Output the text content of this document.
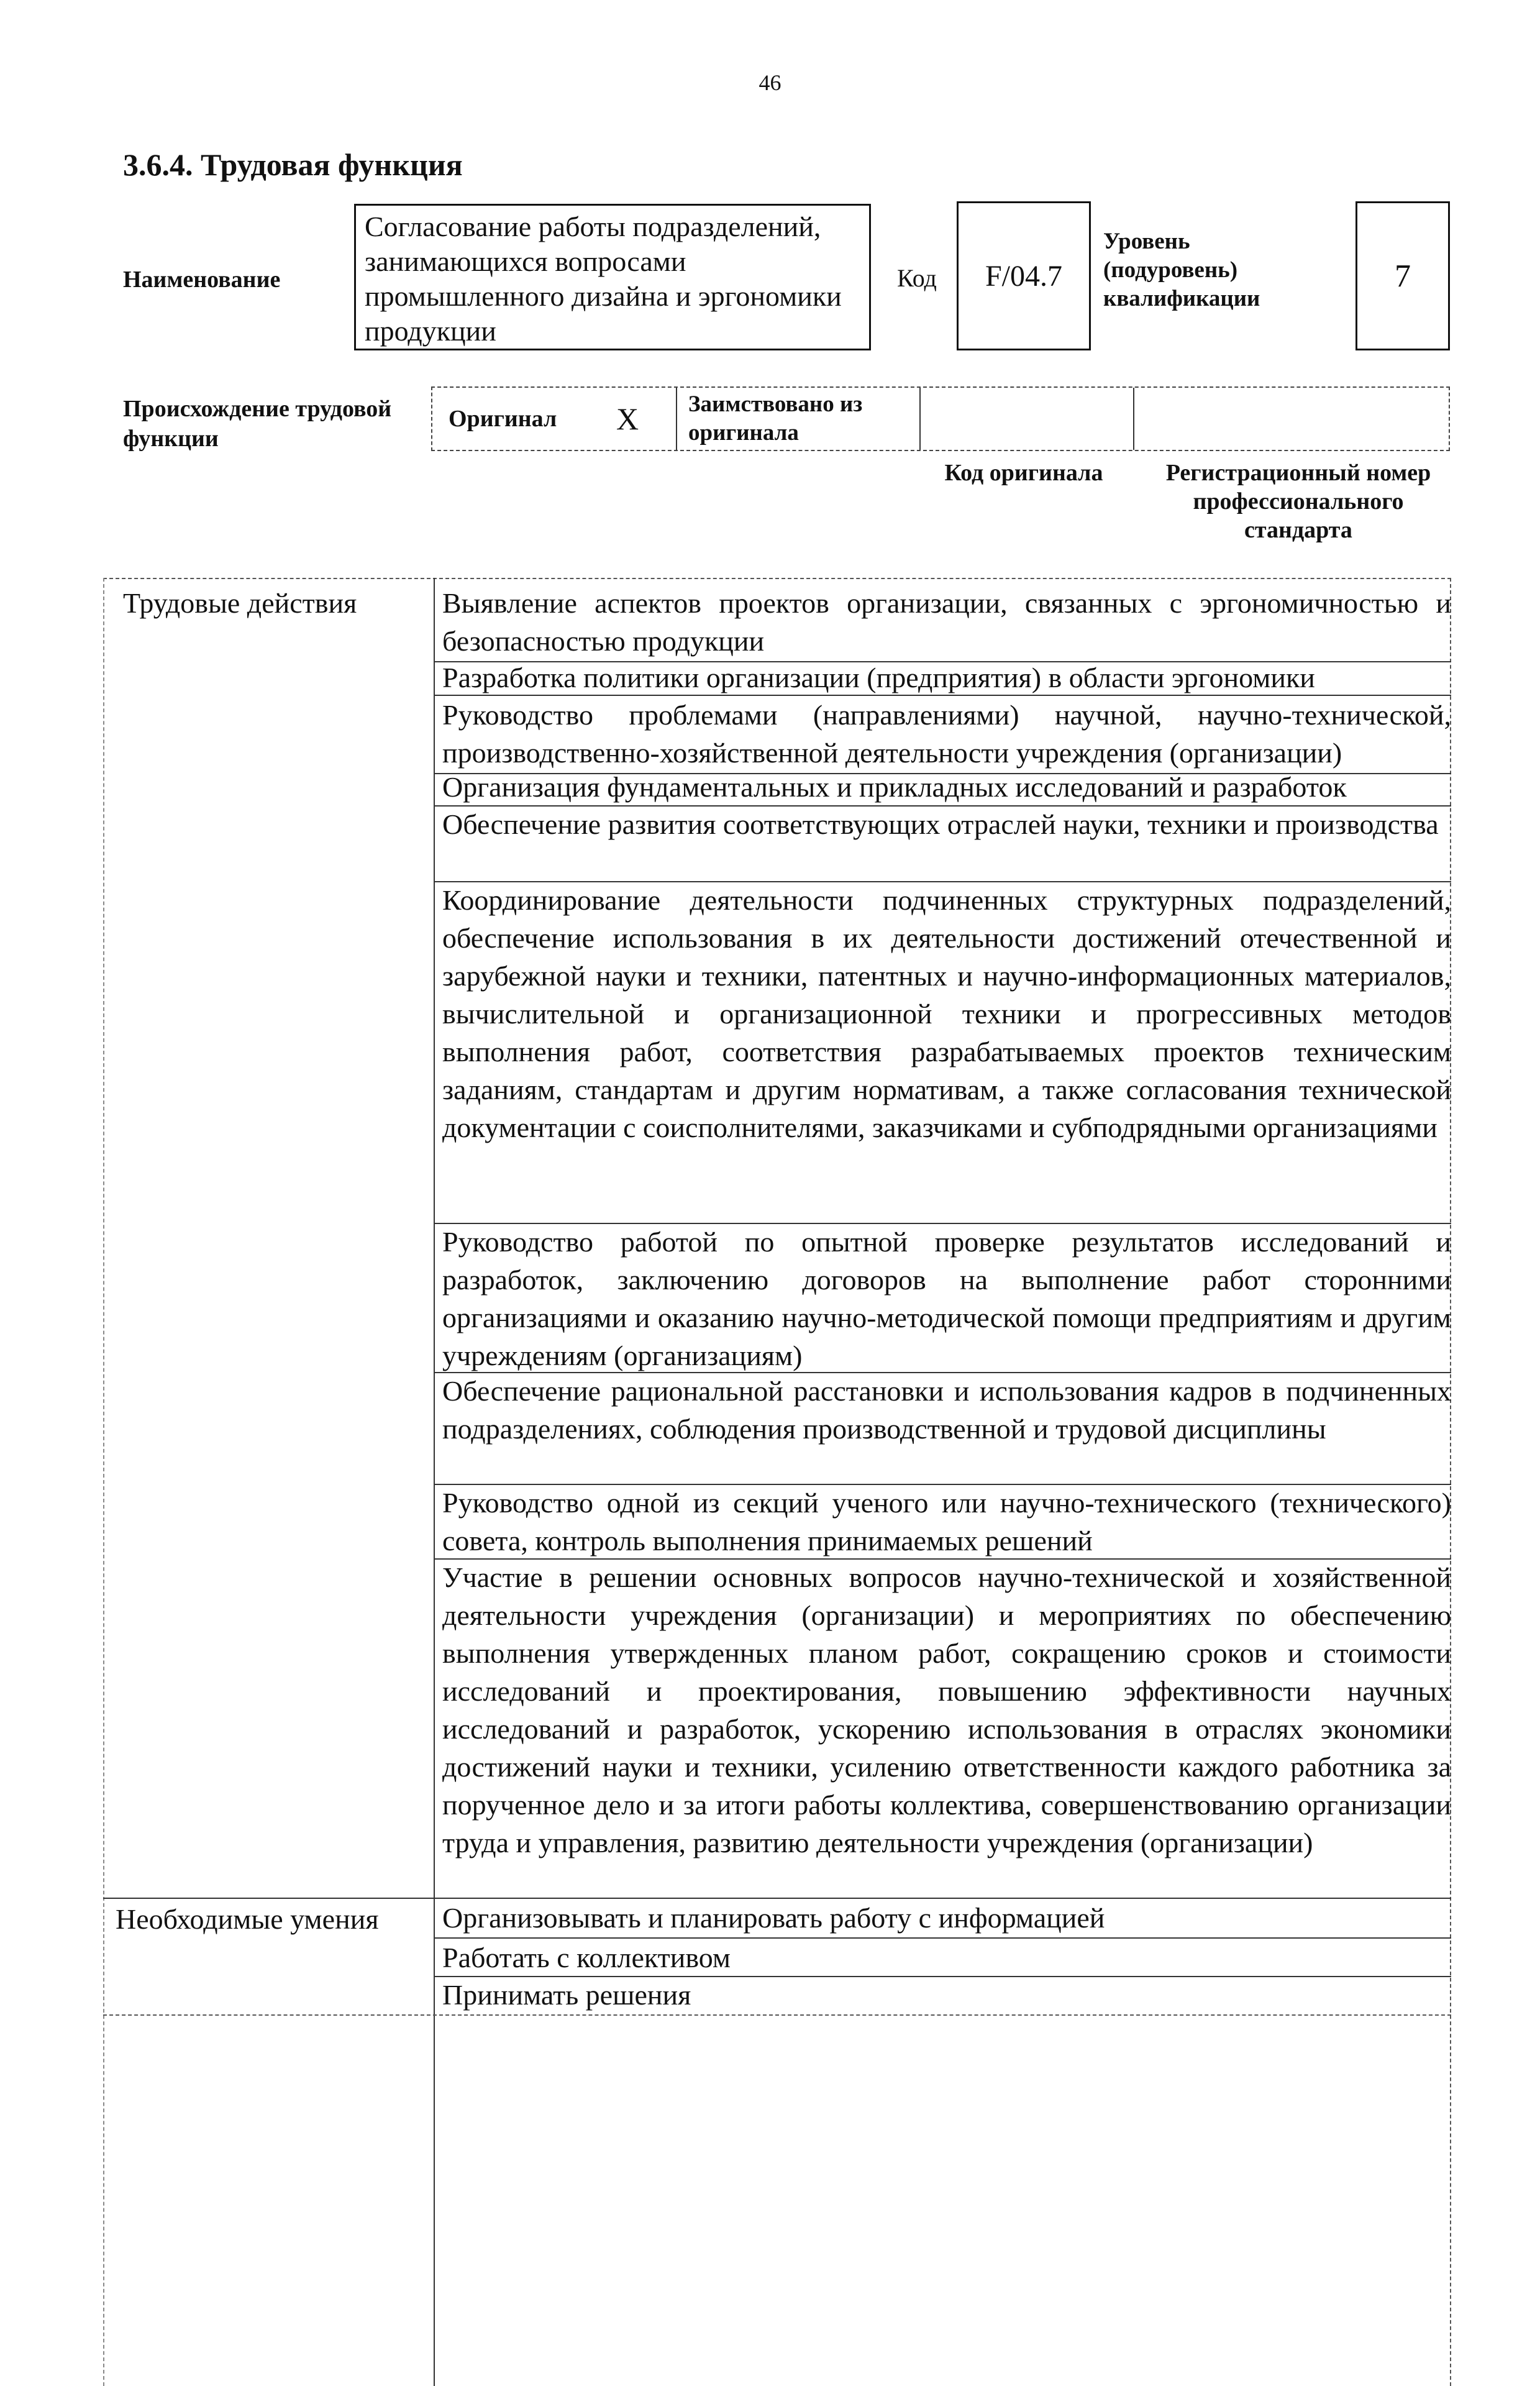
46
3.6.4. Трудовая функция
Наименование
Согласование работы подразделений, занимающихся вопросами промышленного дизайна и эргономики продукции
Код	F/04.7
Уровень (подуровень) квалификации
7
Происхождение трудовой функции
Оригинал	X	Заимствовано из оригинала
Код оригинала	Регистрационный номер профессионального стандарта
Трудовые действия	Выявление аспектов проектов организации, связанных с эргономичностью и безопасностью продукции
Разработка политики организации (предприятия) в области эргономики
Руководство проблемами (направлениями) научной, научно-технической, производственно-хозяйственной деятельности учреждения (организации)
Организация фундаментальных и прикладных исследований и разработок
Обеспечение развития соответствующих отраслей науки, техники и производства
Координирование деятельности подчиненных структурных подразделений, обеспечение использования в их деятельности достижений отечественной и зарубежной науки и техники, патентных и научно-информационных материалов, вычислительной и организационной техники и прогрессивных методов выполнения работ, соответствия разрабатываемых проектов техническим заданиям, стандартам и другим нормативам, а также согласования технической документации с соисполнителями, заказчиками и субподрядными организациями
Руководство работой по опытной проверке результатов исследований и разработок, заключению договоров на выполнение работ сторонними организациями и оказанию научно-методической помощи предприятиям и другим учреждениям (организациям)
Обеспечение рациональной расстановки и использования кадров в подчиненных подразделениях, соблюдения производственной и трудовой дисциплины
Руководство одной из секций ученого или научно-технического (технического) совета, контроль выполнения принимаемых решений
Участие в решении основных вопросов научно-технической и хозяйственной деятельности учреждения (организации) и мероприятиях по обеспечению выполнения утвержденных планом работ, сокращению сроков и стоимости исследований и проектирования, повышению эффективности научных исследований и разработок, ускорению использования в отраслях экономики достижений науки и техники, усилению ответственности каждого работника за порученное дело и за итоги работы коллектива, совершенствованию организации труда и управления, развитию деятельности учреждения (организации)
Необходимые умения Организовывать и планировать работу с информацией
Работать с коллективом
Принимать решения
